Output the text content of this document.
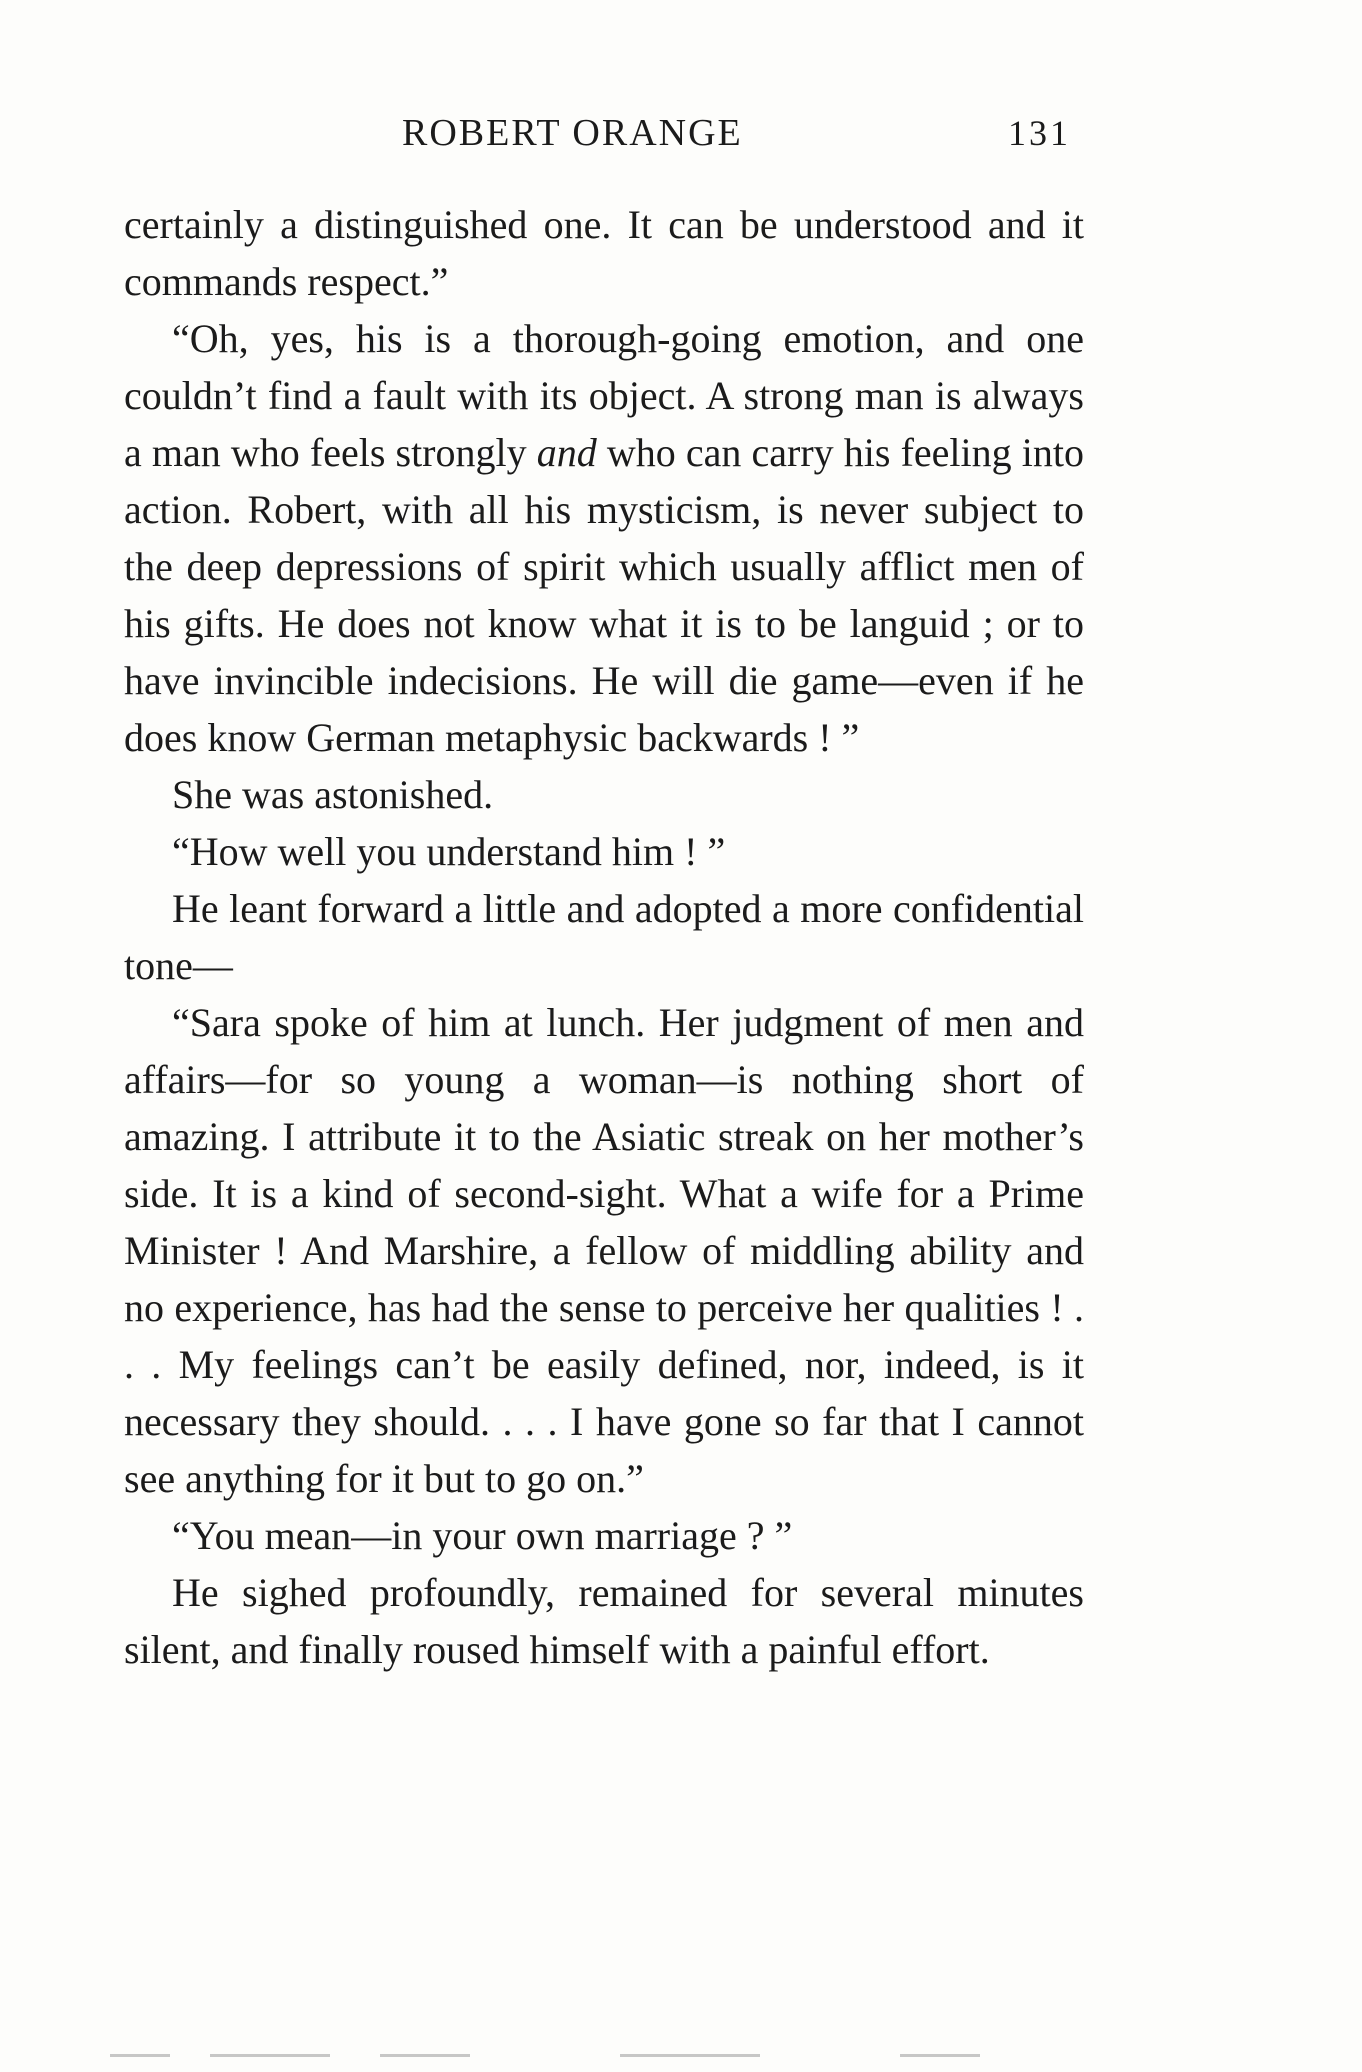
ROBERT ORANGE	131

certainly a distinguished one. It can be understood and it commands respect.”

“Oh, yes, his is a thorough-going emotion, and one couldn’t find a fault with its object. A strong man is always a man who feels strongly and who can carry his feeling into action. Robert, with all his mysticism, is never subject to the deep depressions of spirit which usually afflict men of his gifts. He does not know what it is to be languid ; or to have invincible indecisions. He will die game—even if he does know German metaphysic backwards ! ”

She was astonished.

“How well you understand him ! ”

He leant forward a little and adopted a more confidential tone—

“Sara spoke of him at lunch. Her judgment of men and affairs—for so young a woman—is nothing short of amazing. I attribute it to the Asiatic streak on her mother’s side. It is a kind of second-sight. What a wife for a Prime Minister ! And Marshire, a fellow of middling ability and no experience, has had the sense to perceive her qualities ! . . . My feelings can’t be easily defined, nor, indeed, is it necessary they should. . . . I have gone so far that I cannot see anything for it but to go on.”

“You mean—in your own marriage ? ”

He sighed profoundly, remained for several minutes silent, and finally roused himself with a painful effort.
